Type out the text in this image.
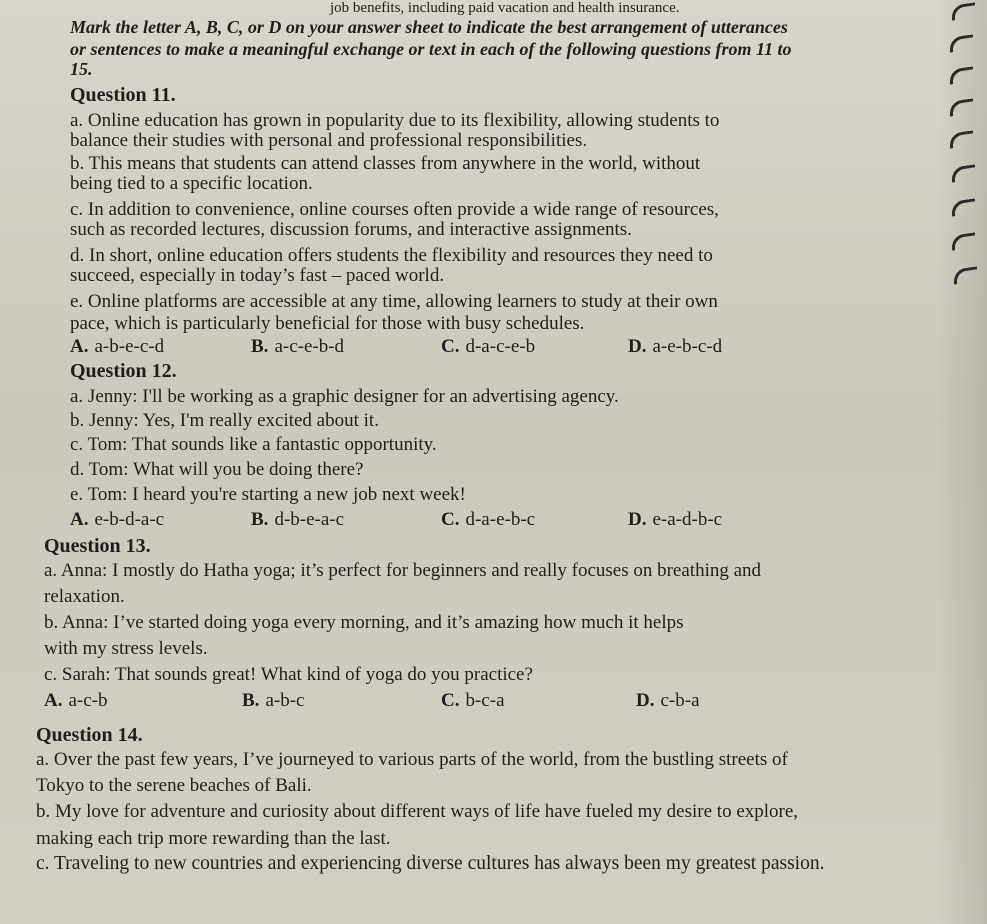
job benefits, including paid vacation and health insurance.
Mark the letter A, B, C, or D on your answer sheet to indicate the best arrangement of utterances
or sentences to make a meaningful exchange or text in each of the following questions from 11 to
15.
Question 11.
a. Online education has grown in popularity due to its flexibility, allowing students to
balance their studies with personal and professional responsibilities.
b. This means that students can attend classes from anywhere in the world, without
being tied to a specific location.
c. In addition to convenience, online courses often provide a wide range of resources,
such as recorded lectures, discussion forums, and interactive assignments.
d. In short, online education offers students the flexibility and resources they need to
succeed, especially in today’s fast – paced world.
e. Online platforms are accessible at any time, allowing learners to study at their own
pace, which is particularly beneficial for those with busy schedules.
A. a-b-e-c-d	B. a-c-e-b-d	C. d-a-c-e-b	D. a-e-b-c-d
Question 12.
a. Jenny: I'll be working as a graphic designer for an advertising agency.
b. Jenny: Yes, I'm really excited about it.
c. Tom: That sounds like a fantastic opportunity.
d. Tom: What will you be doing there?
e. Tom: I heard you're starting a new job next week!
A. e-b-d-a-c	B. d-b-e-a-c	C. d-a-e-b-c	D. e-a-d-b-c
Question 13.
a. Anna: I mostly do Hatha yoga; it’s perfect for beginners and really focuses on breathing and
relaxation.
b. Anna: I’ve started doing yoga every morning, and it’s amazing how much it helps
with my stress levels.
c. Sarah: That sounds great! What kind of yoga do you practice?
A. a-c-b	B. a-b-c	C. b-c-a	D. c-b-a
Question 14.
a. Over the past few years, I’ve journeyed to various parts of the world, from the bustling streets of
Tokyo to the serene beaches of Bali.
b. My love for adventure and curiosity about different ways of life have fueled my desire to explore,
making each trip more rewarding than the last.
c. Traveling to new countries and experiencing diverse cultures has always been my greatest passion.
